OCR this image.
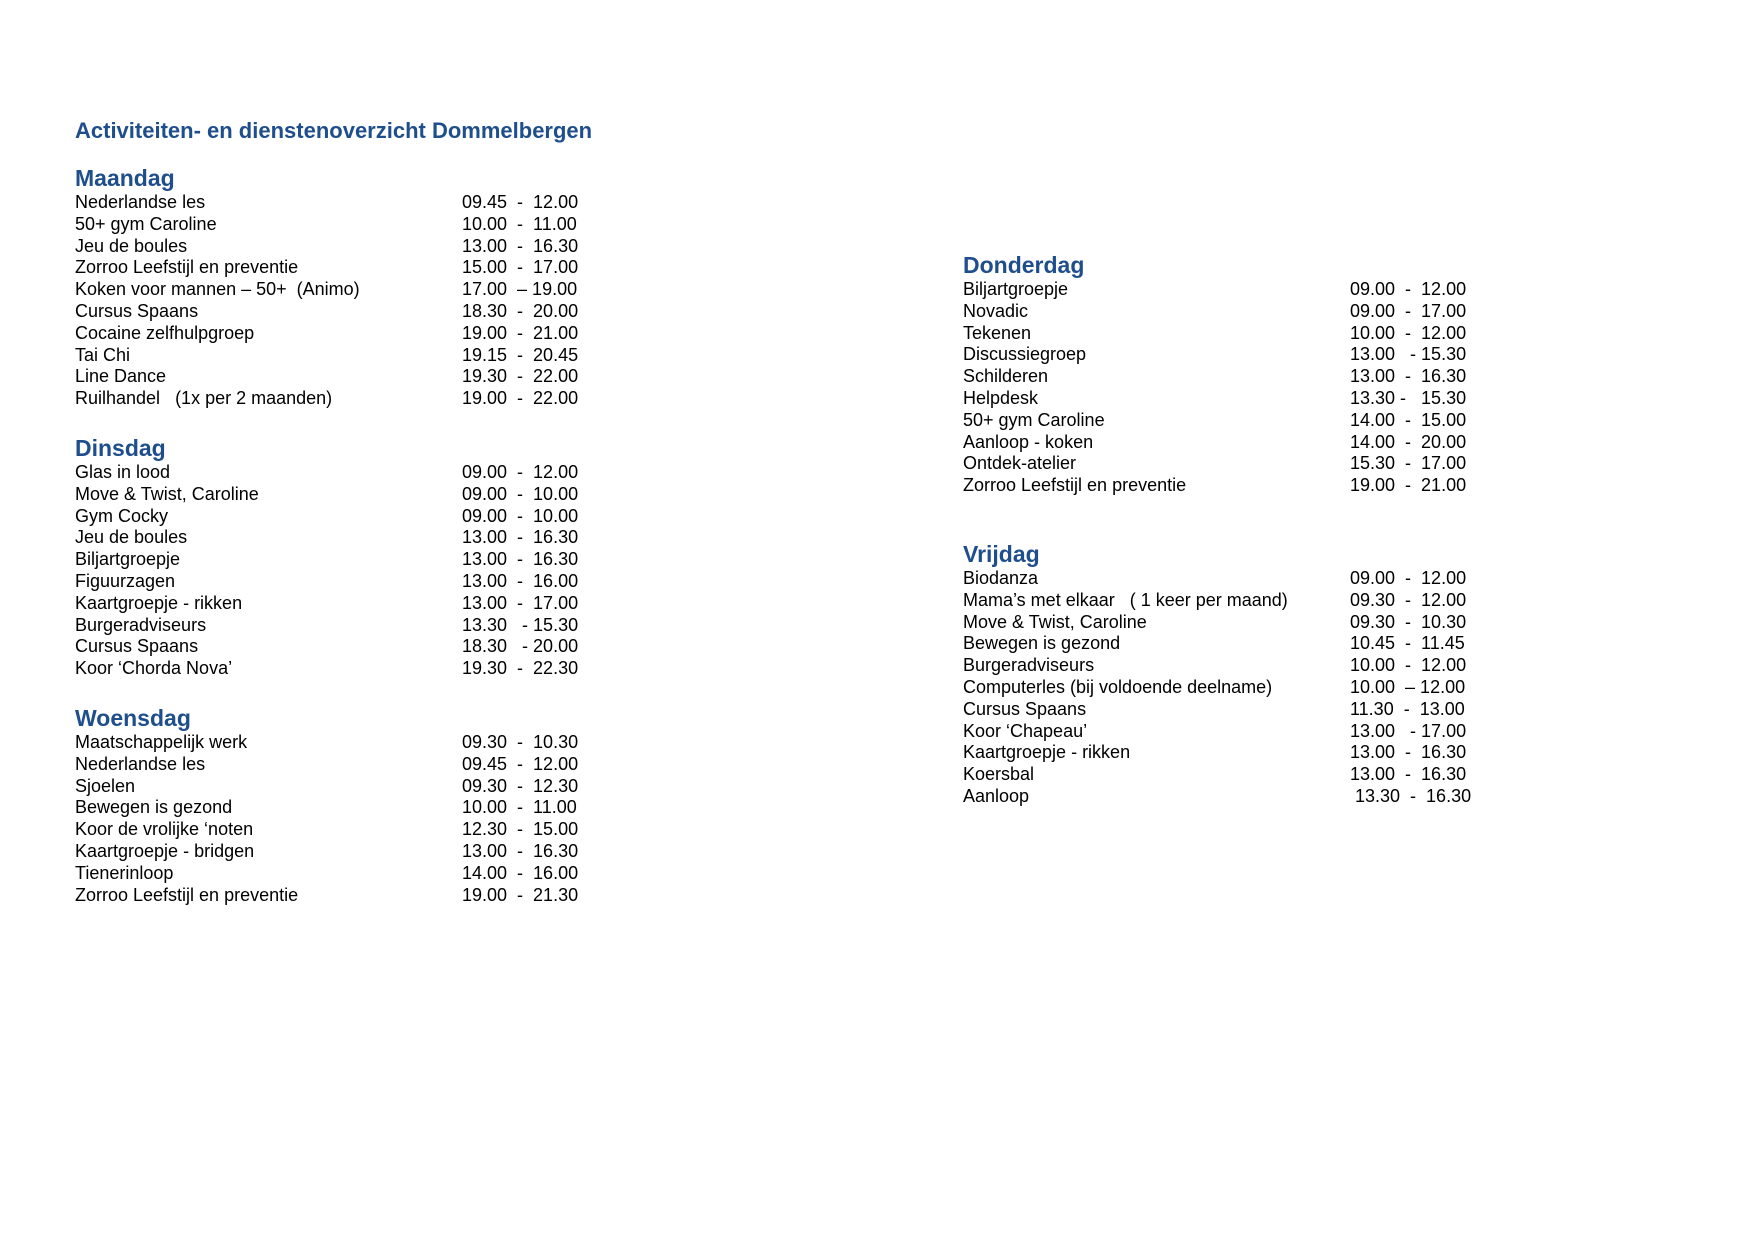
Activiteiten- en dienstenoverzicht Dommelbergen
Maandag
Nederlandse les	09.45  -  12.00
50+ gym Caroline	10.00  -  11.00
Jeu de boules	13.00  -  16.30
Zorroo Leefstijl en preventie	15.00  -  17.00
Koken voor mannen – 50+  (Animo)	17.00  – 19.00
Cursus Spaans	18.30  -  20.00
Cocaine zelfhulpgroep	19.00  -  21.00
Tai Chi	19.15  -  20.45
Line Dance	19.30  -  22.00
Ruilhandel   (1x per 2 maanden)	19.00  -  22.00
Dinsdag
Glas in lood	09.00  -  12.00
Move & Twist, Caroline	09.00  -  10.00
Gym Cocky	09.00  -  10.00
Jeu de boules	13.00  -  16.30
Biljartgroepje	13.00  -  16.30
Figuurzagen	13.00  -  16.00
Kaartgroepje - rikken	13.00  -  17.00
Burgeradviseurs	13.30   - 15.30
Cursus Spaans	18.30   - 20.00
Koor ‘Chorda Nova’	19.30  -  22.30
Woensdag
Maatschappelijk werk	09.30  -  10.30
Nederlandse les	09.45  -  12.00
Sjoelen	09.30  -  12.30
Bewegen is gezond	10.00  -  11.00
Koor de vrolijke ‘noten	12.30  -  15.00
Kaartgroepje - bridgen	13.00  -  16.30
Tienerinloop	14.00  -  16.00
Zorroo Leefstijl en preventie	19.00  -  21.30
Donderdag
Biljartgroepje	09.00  -  12.00
Novadic	09.00  -  17.00
Tekenen	10.00  -  12.00
Discussiegroep	13.00   - 15.30
Schilderen	13.00  -  16.30
Helpdesk	13.30 -   15.30
50+ gym Caroline	14.00  -  15.00
Aanloop - koken	14.00  -  20.00
Ontdek-atelier	15.30  -  17.00
Zorroo Leefstijl en preventie	19.00  -  21.00
Vrijdag
Biodanza	09.00  -  12.00
Mama’s met elkaar   ( 1 keer per maand)	09.30  -  12.00
Move & Twist, Caroline	09.30  -  10.30
Bewegen is gezond	10.45  -  11.45
Burgeradviseurs	10.00  -  12.00
Computerles (bij voldoende deelname)	10.00  – 12.00
Cursus Spaans	11.30  -  13.00
Koor ‘Chapeau’	13.00   - 17.00
Kaartgroepje - rikken	13.00  -  16.30
Koersbal	13.00  -  16.30
Aanloop	13.30  -  16.30
